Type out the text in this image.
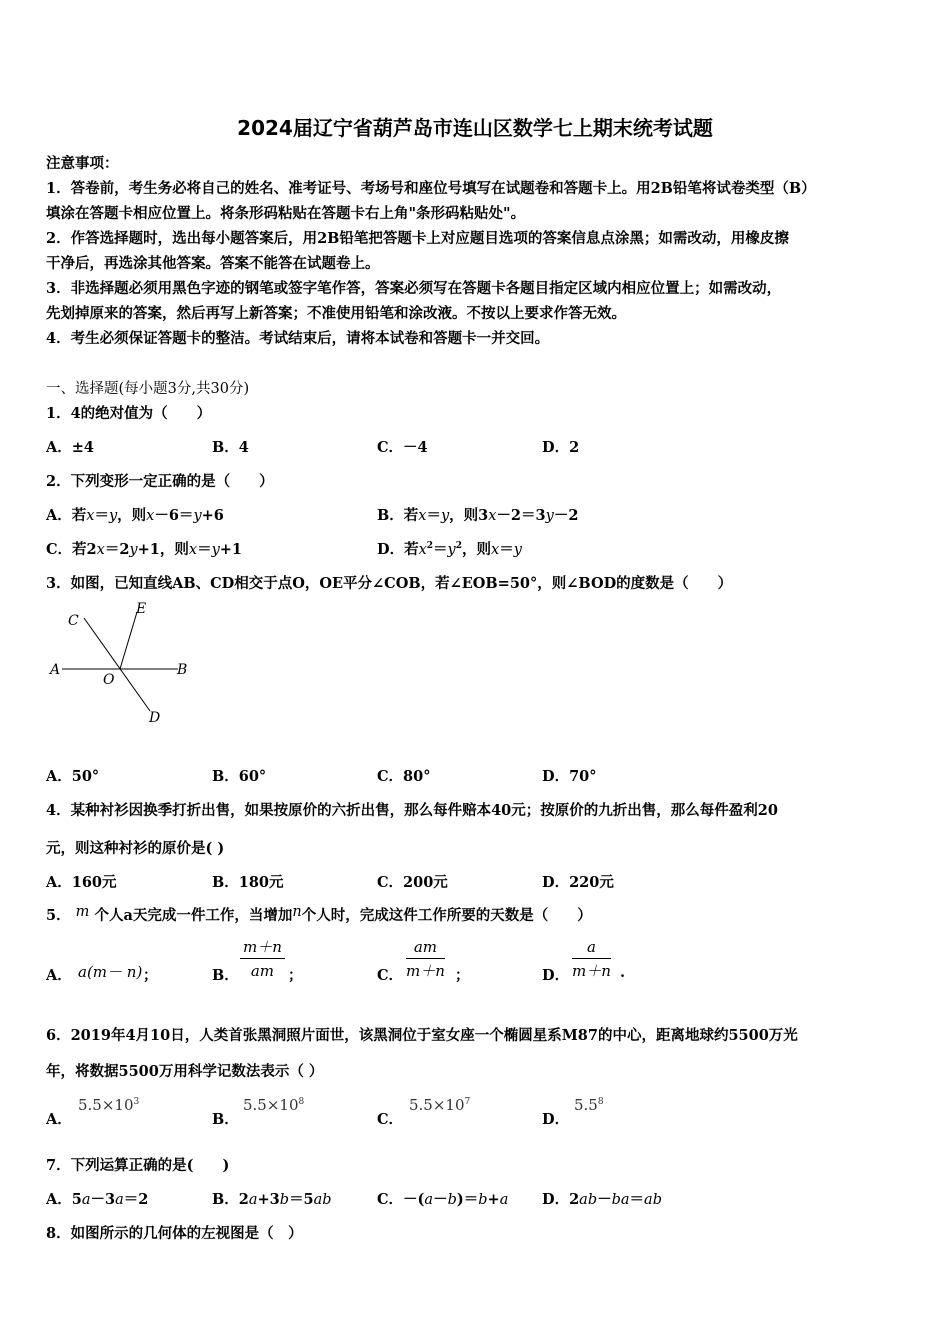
2024届辽宁省葫芦岛市连山区数学七上期末统考试题
注意事项：
1．答卷前，考生务必将自己的姓名、准考证号、考场号和座位号填写在试题卷和答题卡上。用2B铅笔将试卷类型（B）
填涂在答题卡相应位置上。将条形码粘贴在答题卡右上角"条形码粘贴处"。
2．作答选择题时，选出每小题答案后，用2B铅笔把答题卡上对应题目选项的答案信息点涂黑；如需改动，用橡皮擦
干净后，再选涂其他答案。答案不能答在试题卷上。
3．非选择题必须用黑色字迹的钢笔或签字笔作答，答案必须写在答题卡各题目指定区域内相应位置上；如需改动，
先划掉原来的答案，然后再写上新答案；不准使用铅笔和涂改液。不按以上要求作答无效。
4．考生必须保证答题卡的整洁。考试结束后，请将本试卷和答题卡一并交回。
一、选择题(每小题3分,共30分)
1．4的绝对值为（　　）
A．±4	B．4	C．－4	D．2
2．下列变形一定正确的是（　　）
A．若x＝y，则x－6＝y+6	B．若x＝y，则3x－2＝3y－2
C．若2x＝2y+1，则x＝y+1	D．若$x^2=y^2$，则x＝y
3．如图，已知直线AB、CD相交于点O，OE平分∠COB，若∠EOB=50°，则∠BOD的度数是（　　）
C
E
A
O
B
D
A．50°	B．60°	C．80°	D．70°
4．某种衬衫因换季打折出售，如果按原价的六折出售，那么每件赔本40元；按原价的九折出售，那么每件盈利20
元，则这种衬衫的原价是( )
A．160元	B．180元	C．200元	D．220元
5． m 个人a天完成一件工作，当增加n个人时，完成这件工作所要的天数是（　　）
A． a(m－ n) ；	B． $\frac{m+n}{am}$ ；	C． $\frac{am}{m+n}$ ；	D． $\frac{a}{m+n}$ .
6．2019年4月10日，人类首张黑洞照片面世，该黑洞位于室女座一个椭圆星系M87的中心，距离地球约5500万光
年，将数据5500万用科学记数法表示（ ）
A．
$5.5\times 10^3$
B．
$5.5\times 10^8$
C．
$5.5\times 10^7$
D．
$5.5^8$
7．下列运算正确的是(　　)
A．5a－3a＝2	B．2a+3b＝5ab	C．－(a－b)＝b+a D．2ab－ba＝ab
8．如图所示的几何体的左视图是（　）
